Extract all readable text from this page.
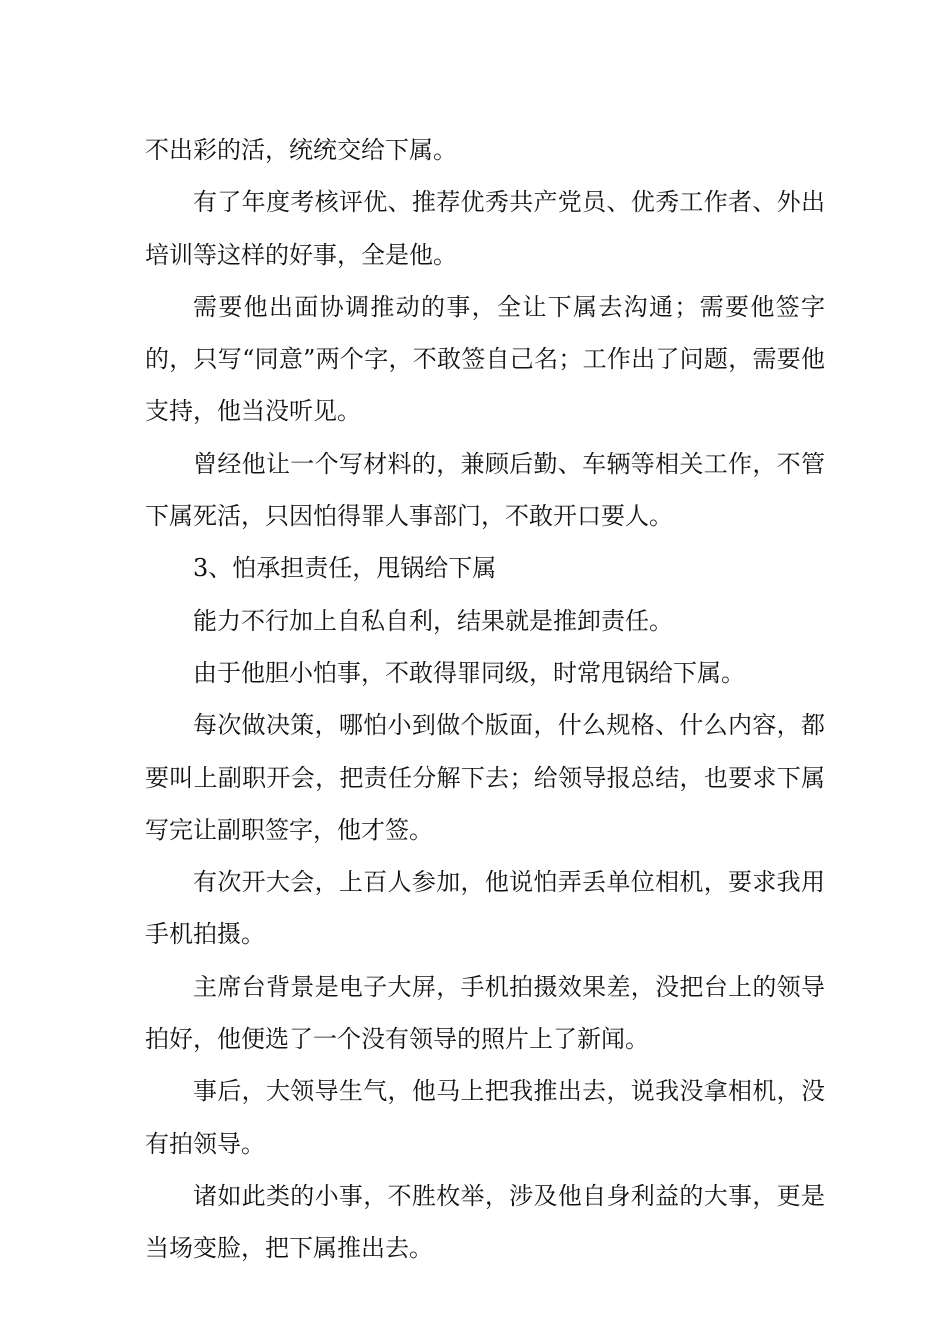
不出彩的活，统统交给下属。

有了年度考核评优、推荐优秀共产党员、优秀工作者、外出培训等这样的好事，全是他。

需要他出面协调推动的事，全让下属去沟通；需要他签字的，只写“同意”两个字，不敢签自己名；工作出了问题，需要他支持，他当没听见。

曾经他让一个写材料的，兼顾后勤、车辆等相关工作，不管下属死活，只因怕得罪人事部门，不敢开口要人。

3、怕承担责任，甩锅给下属

能力不行加上自私自利，结果就是推卸责任。

由于他胆小怕事，不敢得罪同级，时常甩锅给下属。

每次做决策，哪怕小到做个版面，什么规格、什么内容，都要叫上副职开会，把责任分解下去；给领导报总结，也要求下属写完让副职签字，他才签。

有次开大会，上百人参加，他说怕弄丢单位相机，要求我用手机拍摄。

主席台背景是电子大屏，手机拍摄效果差，没把台上的领导拍好，他便选了一个没有领导的照片上了新闻。

事后，大领导生气，他马上把我推出去，说我没拿相机，没有拍领导。

诸如此类的小事，不胜枚举，涉及他自身利益的大事，更是当场变脸，把下属推出去。
